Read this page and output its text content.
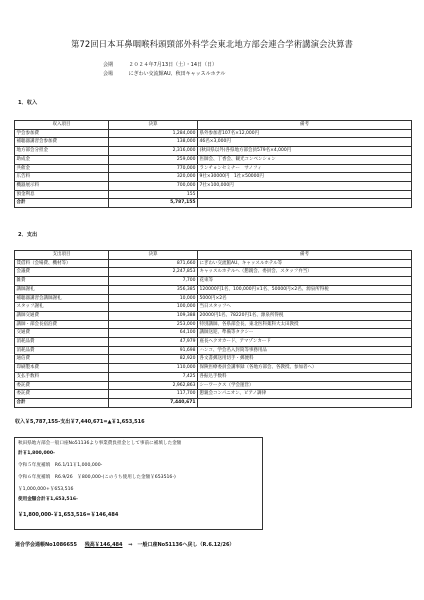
第72回日本耳鼻咽喉科頭頸部外科学会東北地方部会連合学術講演会決算書
会期	２０２４年7月13日（土）・14日（日）
会場	にぎわい交流館AU、秋田キャッスルホテル
1．収入
収入項目	決算	備考
学会参加費	1,284,000	県外参加者107名×12,000円
補聴器講習会参加費	138,000	46名×3,000円
地方部会分担金	2,316,000	(秋田県以外)各県地方部会員579名×4,000円
助成金	259,000	医師会、丁香会、観光コンベンション
共催金	770,000	ランチョンセミナー　サノフィ
広告料	320,000	9社×30000円　1社×50000円
機器展示料	700,000	7社×100,000円
預金利息	155	
合計	5,787,155	
2．支出
支出項目	決算	備考
賃借料（会場費、機材等）	871,660	にぎわい交流館AU、キャッスルホテル等
会議費	2,247,853	キャッスルホテルへ（懇親会、委員会、スタッフ弁当）
雑費	7,700	花束等
講師謝礼	356,385	120000円1名、100,000円×1名、50000円×2名、源泉所得税
補聴器講習会講師謝礼	10,000	5000円×2名
スタッフ謝礼	100,000	当日スタッフへ
講師交通費	109,388	20000円1名、78220円1名、源泉所得税
講師・部会長宿泊費	253,000	特別講師、各県部会長、東北医科薬科大太田教授
交通費	64,100	講師送迎、準備等タクシー
消耗品費	47,979	座長ヘクオカード、アマゾンカード
消耗品費	91,698	ハンコ、学会名入封筒等事務用品
通信費	82,920	各文書郵送用切手・郵便料
印刷製本費	110,000	保険医療委員会講事録（各地方部会、各教授、参加者へ）
支払手数料	7,425	各振込手数料
委託費	2,962,863	シーワークス（学会運営）
委託費	117,700	懇親会コンパニオン、ピアノ調律
合計	7,440,671	
収入￥5,787,155-支出￥7,440,671=▲￥1,653,516
秋田県地方部会一般口座No51136より事業費負担金として事前に補填した金額
計￥1,800,000-
令和５年度補填　R6.1/11￥1,000,000-
令和６年度補填　R6.9/26　￥800,000-(このうち使用した金額￥653516-)
￥1,000,000+￥653,516
使用金額合計￥1,653,516-
￥1,800,000-￥1,653,516=￥146,484
連合学会通帳No1086655 残高￥146,484 ⇒　一般口座No51136へ戻し（R.6.12/26）
